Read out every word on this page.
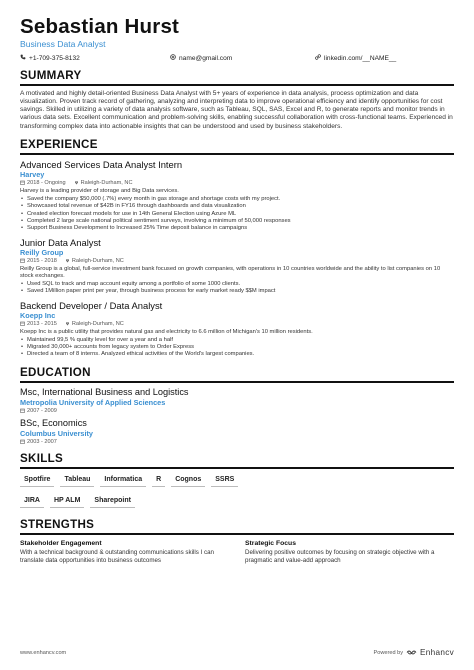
Sebastian Hurst
Business Data Analyst
+1-709-375-8132	name@gmail.com	linkedin.com/__NAME__
SUMMARY
A motivated and highly detail-oriented Business Data Analyst with 5+ years of experience in data analysis, process optimization and data visualization. Proven track record of gathering, analyzing and interpreting data to improve operational efficiency and identify opportunities for cost savings. Skilled in utilizing a variety of data analysis software, such as Tableau, SQL, SAS, Excel and R, to generate reports and monitor trends in various data sets. Excellent communication and problem-solving skills, enabling successful collaboration with cross-functional teams. Experienced in transforming complex data into actionable insights that can be understood and used by business stakeholders.
EXPERIENCE
Advanced Services Data Analyst Intern
Harvey
2018 - Ongoing	Raleigh-Durham, NC
Harvey is a leading provider of storage and Big Data services.
• Saved the company $50,000 (.7%) every month in gas storage and shortage costs with my project.
• Showcased total revenue of $42B in FY16 through dashboards and data visualization
• Created election forecast models for use in 14th General Election using Azure ML
• Completed 2 large scale national political sentiment surveys, involving a minimum of 50,000 responses
• Support Business Development to Increased 25% Time deposit balance in campaigns
Junior Data Analyst
Reilly Group
2015 - 2018	Raleigh-Durham, NC
Reilly Group is a global, full-service investment bank focused on growth companies, with operations in 10 countries worldwide and the ability to list companies on 10 stock exchanges.
• Used SQL to track and map account equity among a portfolio of some 1000 clients.
• Saved 1Million paper print per year, through business process for early market ready $$M impact
Backend Developer / Data Analyst
Koepp Inc
2013 - 2015	Raleigh-Durham, NC
Koepp Inc is a public utility that provides natural gas and electricity to 6.6 million of Michigan's 10 million residents.
• Maintained 99,5 % quality level for over a year and a half
• Migrated 30,000+ accounts from legacy system to Order Express
• Directed a team of 8 interns. Analyzed ethical activities of the World's largest companies.
EDUCATION
Msc, International Business and Logistics
Metropolia University of Applied Sciences
2007 - 2009
BSc, Economics
Columbus University
2003 - 2007
SKILLS
Spotfire	Tableau	Informatica	R	Cognos	SSRS
JIRA	HP ALM	Sharepoint
STRENGTHS
Stakeholder Engagement
With a technical background & outstanding communications skills I can translate data opportunities into business outcomes
Strategic Focus
Delivering positive outcomes by focusing on strategic objective with a pragmatic and value-add approach
www.enhancv.com	Powered by Enhancv
